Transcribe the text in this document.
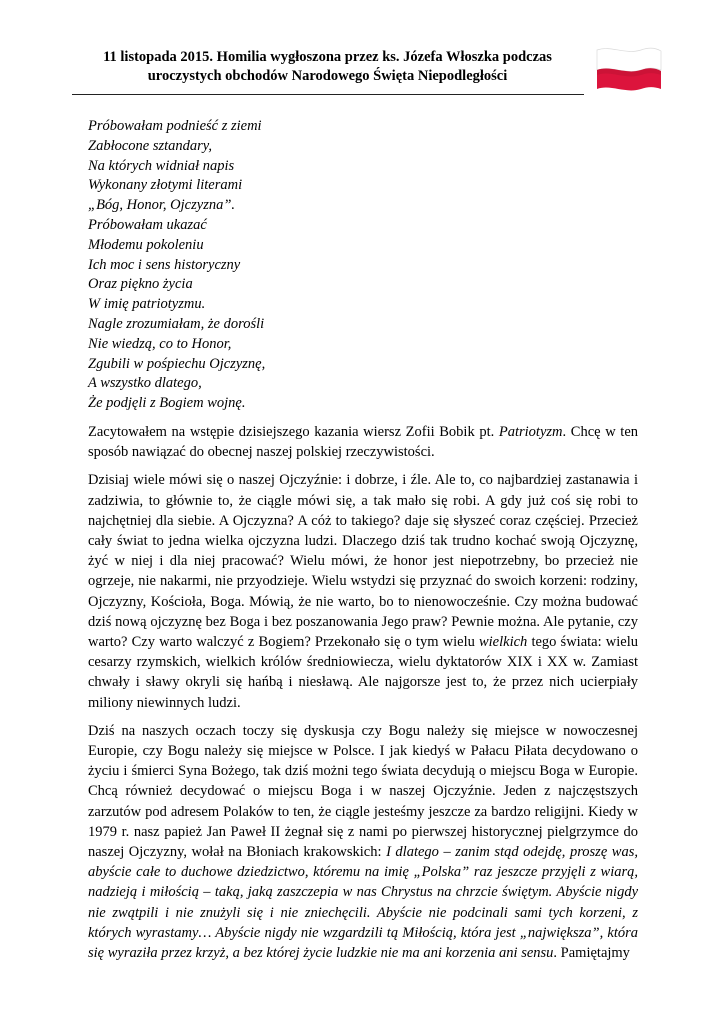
11 listopada 2015. Homilia wygłoszona przez ks. Józefa Włoszka podczas
uroczystych obchodów Narodowego Święta Niepodległości

Próbowałam podnieść z ziemi
Zabłocone sztandary,
Na których widniał napis
Wykonany złotymi literami
„Bóg, Honor, Ojczyzna”.
Próbowałam ukazać
Młodemu pokoleniu
Ich moc i sens historyczny
Oraz piękno życia
W imię patriotyzmu.
Nagle zrozumiałam, że dorośli
Nie wiedzą, co to Honor,
Zgubili w pośpiechu Ojczyznę,
A wszystko dlatego,
Że podjęli z Bogiem wojnę.

Zacytowałem na wstępie dzisiejszego kazania wiersz Zofii Bobik pt. Patriotyzm. Chcę w ten sposób nawiązać do obecnej naszej polskiej rzeczywistości.

Dzisiaj wiele mówi się o naszej Ojczyźnie: i dobrze, i źle. Ale to, co najbardziej zastanawia i zadziwia, to głównie to, że ciągle mówi się, a tak mało się robi. A gdy już coś się robi to najchętniej dla siebie. A Ojczyzna? A cóż to takiego? daje się słyszeć coraz częściej. Przecież cały świat to jedna wielka ojczyzna ludzi. Dlaczego dziś tak trudno kochać swoją Ojczyznę, żyć w niej i dla niej pracować? Wielu mówi, że honor jest niepotrzebny, bo przecież nie ogrzeje, nie nakarmi, nie przyodzieje. Wielu wstydzi się przyznać do swoich korzeni: rodziny, Ojczyzny, Kościoła, Boga. Mówią, że nie warto, bo to nienowocześnie. Czy można budować dziś nową ojczyznę bez Boga i bez poszanowania Jego praw? Pewnie można. Ale pytanie, czy warto? Czy warto walczyć z Bogiem? Przekonało się o tym wielu wielkich tego świata: wielu cesarzy rzymskich, wielkich królów średniowiecza, wielu dyktatorów XIX i XX w. Zamiast chwały i sławy okryli się hańbą i niesławą. Ale najgorsze jest to, że przez nich ucierpiały miliony niewinnych ludzi.

Dziś na naszych oczach toczy się dyskusja czy Bogu należy się miejsce w nowoczesnej Europie, czy Bogu należy się miejsce w Polsce. I jak kiedyś w Pałacu Piłata decydowano o życiu i śmierci Syna Bożego, tak dziś możni tego świata decydują o miejscu Boga w Europie. Chcą również decydować o miejscu Boga i w naszej Ojczyźnie. Jeden z najczęstszych zarzutów pod adresem Polaków to ten, że ciągle jesteśmy jeszcze za bardzo religijni. Kiedy w 1979 r. nasz papież Jan Paweł II żegnał się z nami po pierwszej historycznej pielgrzymce do naszej Ojczyzny, wołał na Błoniach krakowskich: I dlatego – zanim stąd odejdę, proszę was, abyście całe to duchowe dziedzictwo, któremu na imię „Polska” raz jeszcze przyjęli z wiarą, nadzieją i miłością – taką, jaką zaszczepia w nas Chrystus na chrzcie świętym. Abyście nigdy nie zwątpili i nie znużyli się i nie zniechęcili. Abyście nie podcinali sami tych korzeni, z których wyrastamy… Abyście nigdy nie wzgardzili tą Miłością, która jest „największa”, która się wyraziła przez krzyż, a bez której życie ludzkie nie ma ani korzenia ani sensu. Pamiętajmy
